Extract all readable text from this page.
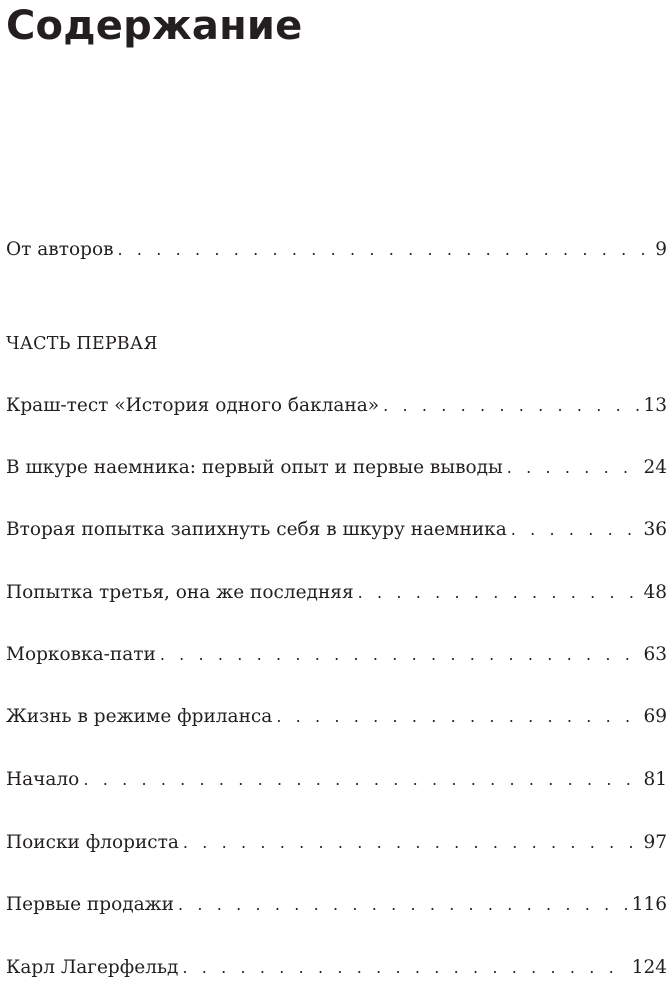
Содержание
От авторов . . .	9
ЧАСТЬ ПЕРВАЯ
Краш-тест «История одного баклана» . . .	13
В шкуре наемника: первый опыт и первые выводы . . .	24
Вторая попытка запихнуть себя в шкуру наемника . . .	36
Попытка третья, она же последняя . . .	48
Морковка-пати . . .	63
Жизнь в режиме фриланса . . .	69
Начало . . .	81
Поиски флориста . . .	97
Первые продажи . . .	116
Карл Лагерфельд . . .	124
